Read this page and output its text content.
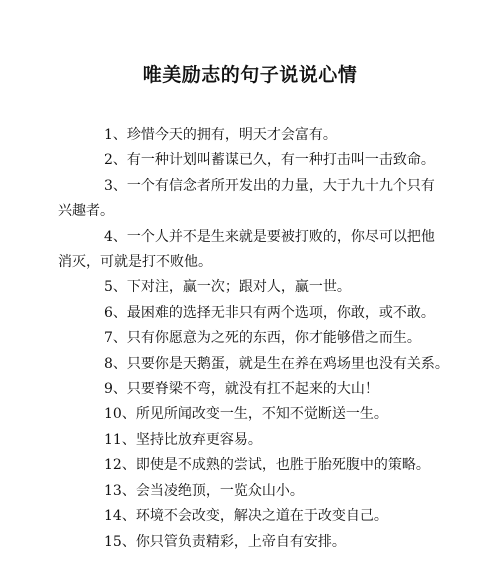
唯美励志的句子说说心情
1、珍惜今天的拥有，明天才会富有。
2、有一种计划叫蓄谋已久，有一种打击叫一击致命。
3、一个有信念者所开发出的力量，大于九十九个只有兴趣者。
4、一个人并不是生来就是要被打败的，你尽可以把他消灭，可就是打不败他。
5、下对注，赢一次；跟对人，赢一世。
6、最困难的选择无非只有两个选项，你敢，或不敢。
7、只有你愿意为之死的东西，你才能够借之而生。
8、只要你是天鹅蛋，就是生在养在鸡场里也没有关系。
9、只要脊梁不弯，就没有扛不起来的大山！
10、所见所闻改变一生，不知不觉断送一生。
11、坚持比放弃更容易。
12、即使是不成熟的尝试，也胜于胎死腹中的策略。
13、会当凌绝顶，一览众山小。
14、环境不会改变，解决之道在于改变自己。
15、你只管负责精彩，上帝自有安排。
